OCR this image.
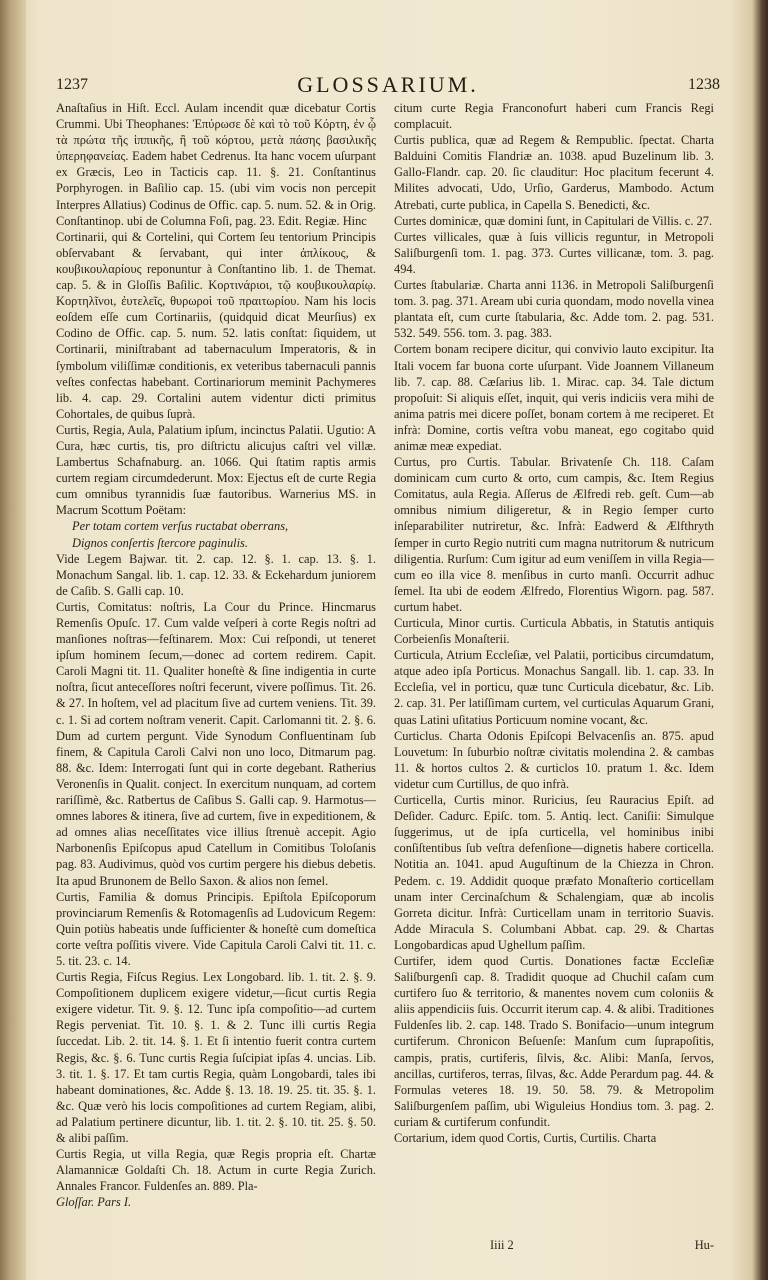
1237	GLOSSARIUM.	1238

Anaſtaſius in Hiſt. Eccl. Aulam incendit quæ dicebatur Cortis Crummi. Ubi Theophanes: Ἐπύρωσε δὲ καὶ τὸ τοῦ Κόρτη, ἐν ᾧ τὰ πρώτα τῆς ἱππικῆς, ἢ τοῦ κόρτου, μετὰ πάσης βασιλικῆς ὑπερηφανείας. Eadem habet Cedrenus. Ita hanc vocem uſurpant ex Græcis, Leo in Tacticis cap. 11. §. 21. Conſtantinus Porphyrogen. in Baſilio cap. 15. (ubi vim vocis non percepit Interpres Allatius) Codinus de Offic. cap. 5. num. 52. & in Orig. Conſtantinop. ubi de Columna Foſi, pag. 23. Edit. Regiæ. Hinc

Cortinarii, qui & Cortelini, qui Cortem ſeu tentorium Principis obſervabant & ſervabant, qui inter ἀπλίκους, & κουβικουλαρίους reponuntur à Conſtantino lib. 1. de Themat. cap. 5. & in Gloſſis Baſilic. Κορτινάριοι, τῷ κουβικουλαρίῳ. Κορτηλῖνοι, ἐυτελεῖς, θυρωροὶ τοῦ πραιτωρίου. Nam his locis eoſdem eſſe cum Cortinariis, (quidquid dicat Meurſius) ex Codino de Offic. cap. 5. num. 52. latis conſtat: ſiquidem, ut Cortinarii, miniſtrabant ad tabernaculum Imperatoris, & in ſymbolum viliſſimæ conditionis, ex veteribus tabernaculi pannis veſtes confectas habebant. Cortinariorum meminit Pachymeres lib. 4. cap. 29. Cortalini autem videntur dicti primitus Cohortales, de quibus ſuprà.

Curtis, Regia, Aula, Palatium ipſum, incinctus Palatii. Ugutio: A Cura, hæc curtis, tis, pro diſtrictu alicujus caſtri vel villæ. Lambertus Schafnaburg. an. 1066. Qui ſtatim raptis armis curtem regiam circumdederunt. Mox: Ejectus eſt de curte Regia cum omnibus tyrannidis ſuæ fautoribus. Warnerius MS. in Macrum Scottum Poëtam:

Per totam cortem verſus ructabat oberrans,

Dignos conſertis ſtercore paginulis.

Vide Legem Bajwar. tit. 2. cap. 12. §. 1. cap. 13. §. 1. Monachum Sangal. lib. 1. cap. 12. 33. & Eckehardum juniorem de Caſib. S. Galli cap. 10.

Curtis, Comitatus: noſtris, La Cour du Prince. Hincmarus Remenſis Opuſc. 17. Cum valde veſperi à corte Regis noſtri ad manſiones noſtras—feſtinarem. Mox: Cui reſpondi, ut teneret ipſum hominem ſecum,—donec ad cortem redirem. Capit. Caroli Magni tit. 11. Qualiter honeſtè & ſine indigentia in curte noſtra, ſicut anteceſſores noſtri fecerunt, vivere poſſimus. Tit. 26. & 27. In hoſtem, vel ad placitum ſive ad curtem veniens. Tit. 39. c. 1. Si ad cortem noſtram venerit. Capit. Carlomanni tit. 2. §. 6. Dum ad curtem pergunt. Vide Synodum Confluentinam ſub finem, & Capitula Caroli Calvi non uno loco, Ditmarum pag. 88. &c. Idem: Interrogati ſunt qui in corte degebant. Ratherius Veronenſis in Qualit. conject. In exercitum nunquam, ad cortem rariſſimè, &c. Ratbertus de Caſibus S. Galli cap. 9. Harmotus—omnes labores & itinera, ſive ad curtem, ſive in expeditionem, & ad omnes alias neceſſitates vice illius ſtrenuè accepit. Agio Narbonenſis Epiſcopus apud Catellum in Comitibus Toloſanis pag. 83. Audivimus, quòd vos curtim pergere his diebus debetis. Ita apud Brunonem de Bello Saxon. & alios non ſemel.

Curtis, Familia & domus Principis. Epiſtola Epiſcoporum provinciarum Remenſis & Rotomagenſis ad Ludovicum Regem: Quin potiùs habeatis unde ſufficienter & honeſtè cum domeſtica corte veſtra poſſitis vivere. Vide Capitula Caroli Calvi tit. 11. c. 5. tit. 23. c. 14.

Curtis Regia, Fiſcus Regius. Lex Longobard. lib. 1. tit. 2. §. 9. Compoſitionem duplicem exigere videtur,—ſicut curtis Regia exigere videtur. Tit. 9. §. 12. Tunc ipſa compoſitio—ad curtem Regis perveniat. Tit. 10. §. 1. & 2. Tunc illi curtis Regia ſuccedat. Lib. 2. tit. 14. §. 1. Et ſi intentio fuerit contra curtem Regis, &c. §. 6. Tunc curtis Regia ſuſcipiat ipſas 4. uncias. Lib. 3. tit. 1. §. 17. Et tam curtis Regia, quàm Longobardi, tales ibi habeant dominationes, &c. Adde §. 13. 18. 19. 25. tit. 35. §. 1. &c. Quæ verò his locis compoſitiones ad curtem Regiam, alibi, ad Palatium pertinere dicuntur, lib. 1. tit. 2. §. 10. tit. 25. §. 50. & alibi paſſim.

Curtis Regia, ut villa Regia, quæ Regis propria eſt. Chartæ Alamannicæ Goldaſti Ch. 18. Actum in curte Regia Zurich. Annales Francor. Fuldenſes an. 889. Pla-

Gloſſar. Pars I.

citum curte Regia Franconofurt haberi cum Francis Regi complacuit.

Curtis publica, quæ ad Regem & Rempublic. ſpectat. Charta Balduini Comitis Flandriæ an. 1038. apud Buzelinum lib. 3. Gallo-Flandr. cap. 20. ſic clauditur: Hoc placitum fecerunt 4. Milites advocati, Udo, Urſio, Garderus, Mambodo. Actum Atrebati, curte publica, in Capella S. Benedicti, &c.

Curtes dominicæ, quæ domini ſunt, in Capitulari de Villis. c. 27.

Curtes villicales, quæ à ſuis villicis reguntur, in Metropoli Saliſburgenſi tom. 1. pag. 373. Curtes villicanæ, tom. 3. pag. 494.

Curtes ſtabulariæ. Charta anni 1136. in Metropoli Saliſburgenſi tom. 3. pag. 371. Aream ubi curia quondam, modo novella vinea plantata eſt, cum curte ſtabularia, &c. Adde tom. 2. pag. 531. 532. 549. 556. tom. 3. pag. 383.

Cortem bonam recipere dicitur, qui convivio lauto excipitur. Ita Itali vocem far buona corte uſurpant. Vide Joannem Villaneum lib. 7. cap. 88. Cæſarius lib. 1. Mirac. cap. 34. Tale dictum propoſuit: Si aliquis eſſet, inquit, qui veris indiciis vera mihi de anima patris mei dicere poſſet, bonam cortem à me reciperet. Et infrà: Domine, cortis veſtra vobu maneat, ego cogitabo quid animæ meæ expediat.

Curtus, pro Curtis. Tabular. Brivatenſe Ch. 118. Caſam dominicam cum curto & orto, cum campis, &c. Item Regius Comitatus, aula Regia. Aſſerus de Ælfredi reb. geſt. Cum—ab omnibus nimium diligeretur, & in Regio ſemper curto inſeparabiliter nutriretur, &c. Infrà: Eadwerd & Ælfthryth ſemper in curto Regio nutriti cum magna nutritorum & nutricum diligentia. Rurſum: Cum igitur ad eum veniſſem in villa Regia—cum eo illa vice 8. menſibus in curto manſi. Occurrit adhuc ſemel. Ita ubi de eodem Ælfredo, Florentius Wigorn. pag. 587. curtum habet.

Curticula, Minor curtis. Curticula Abbatis, in Statutis antiquis Corbeienſis Monaſterii.

Curticula, Atrium Eccleſiæ, vel Palatii, porticibus circumdatum, atque adeo ipſa Porticus. Monachus Sangall. lib. 1. cap. 33. In Eccleſia, vel in porticu, quæ tunc Curticula dicebatur, &c. Lib. 2. cap. 31. Per latiſſimam curtem, vel curticulas Aquarum Grani, quas Latini uſitatius Porticuum nomine vocant, &c.

Curticlus. Charta Odonis Epiſcopi Belvacenſis an. 875. apud Louvetum: In ſuburbio noſtræ civitatis molendina 2. & cambas 11. & hortos cultos 2. & curticlos 10. pratum 1. &c. Idem videtur cum Curtillus, de quo infrà.

Curticella, Curtis minor. Ruricius, ſeu Rauracius Epiſt. ad Deſider. Cadurc. Epiſc. tom. 5. Antiq. lect. Caniſii: Simulque ſuggerimus, ut de ipſa curticella, vel hominibus inibi conſiſtentibus ſub veſtra defenſione—dignetis habere corticella. Notitia an. 1041. apud Auguſtinum de la Chiezza in Chron. Pedem. c. 19. Addidit quoque præfato Monaſterio corticellam unam inter Cercinaſchum & Schalengiam, quæ ab incolis Gorreta dicitur. Infrà: Curticellam unam in territorio Suavis. Adde Miracula S. Columbani Abbat. cap. 29. & Chartas Longobardicas apud Ughellum paſſim.

Curtifer, idem quod Curtis. Donationes factæ Eccleſiæ Saliſburgenſi cap. 8. Tradidit quoque ad Chuchil caſam cum curtifero ſuo & territorio, & manentes novem cum coloniis & aliis appendiciis ſuis. Occurrit iterum cap. 4. & alibi. Traditiones Fuldenſes lib. 2. cap. 148. Trado S. Bonifacio—unum integrum curtiferum. Chronicon Beſuenſe: Manſum cum ſuprapoſitis, campis, pratis, curtiferis, ſilvis, &c. Alibi: Manſa, ſervos, ancillas, curtiferos, terras, ſilvas, &c. Adde Perardum pag. 44. & Formulas veteres 18. 19. 50. 58. 79. & Metropolim Saliſburgenſem paſſim, ubi Wiguleius Hondius tom. 3. pag. 2. curiam & curtiferum confundit.

Cortarium, idem quod Cortis, Curtis, Curtilis. Charta

Iiii 2	Hu-
